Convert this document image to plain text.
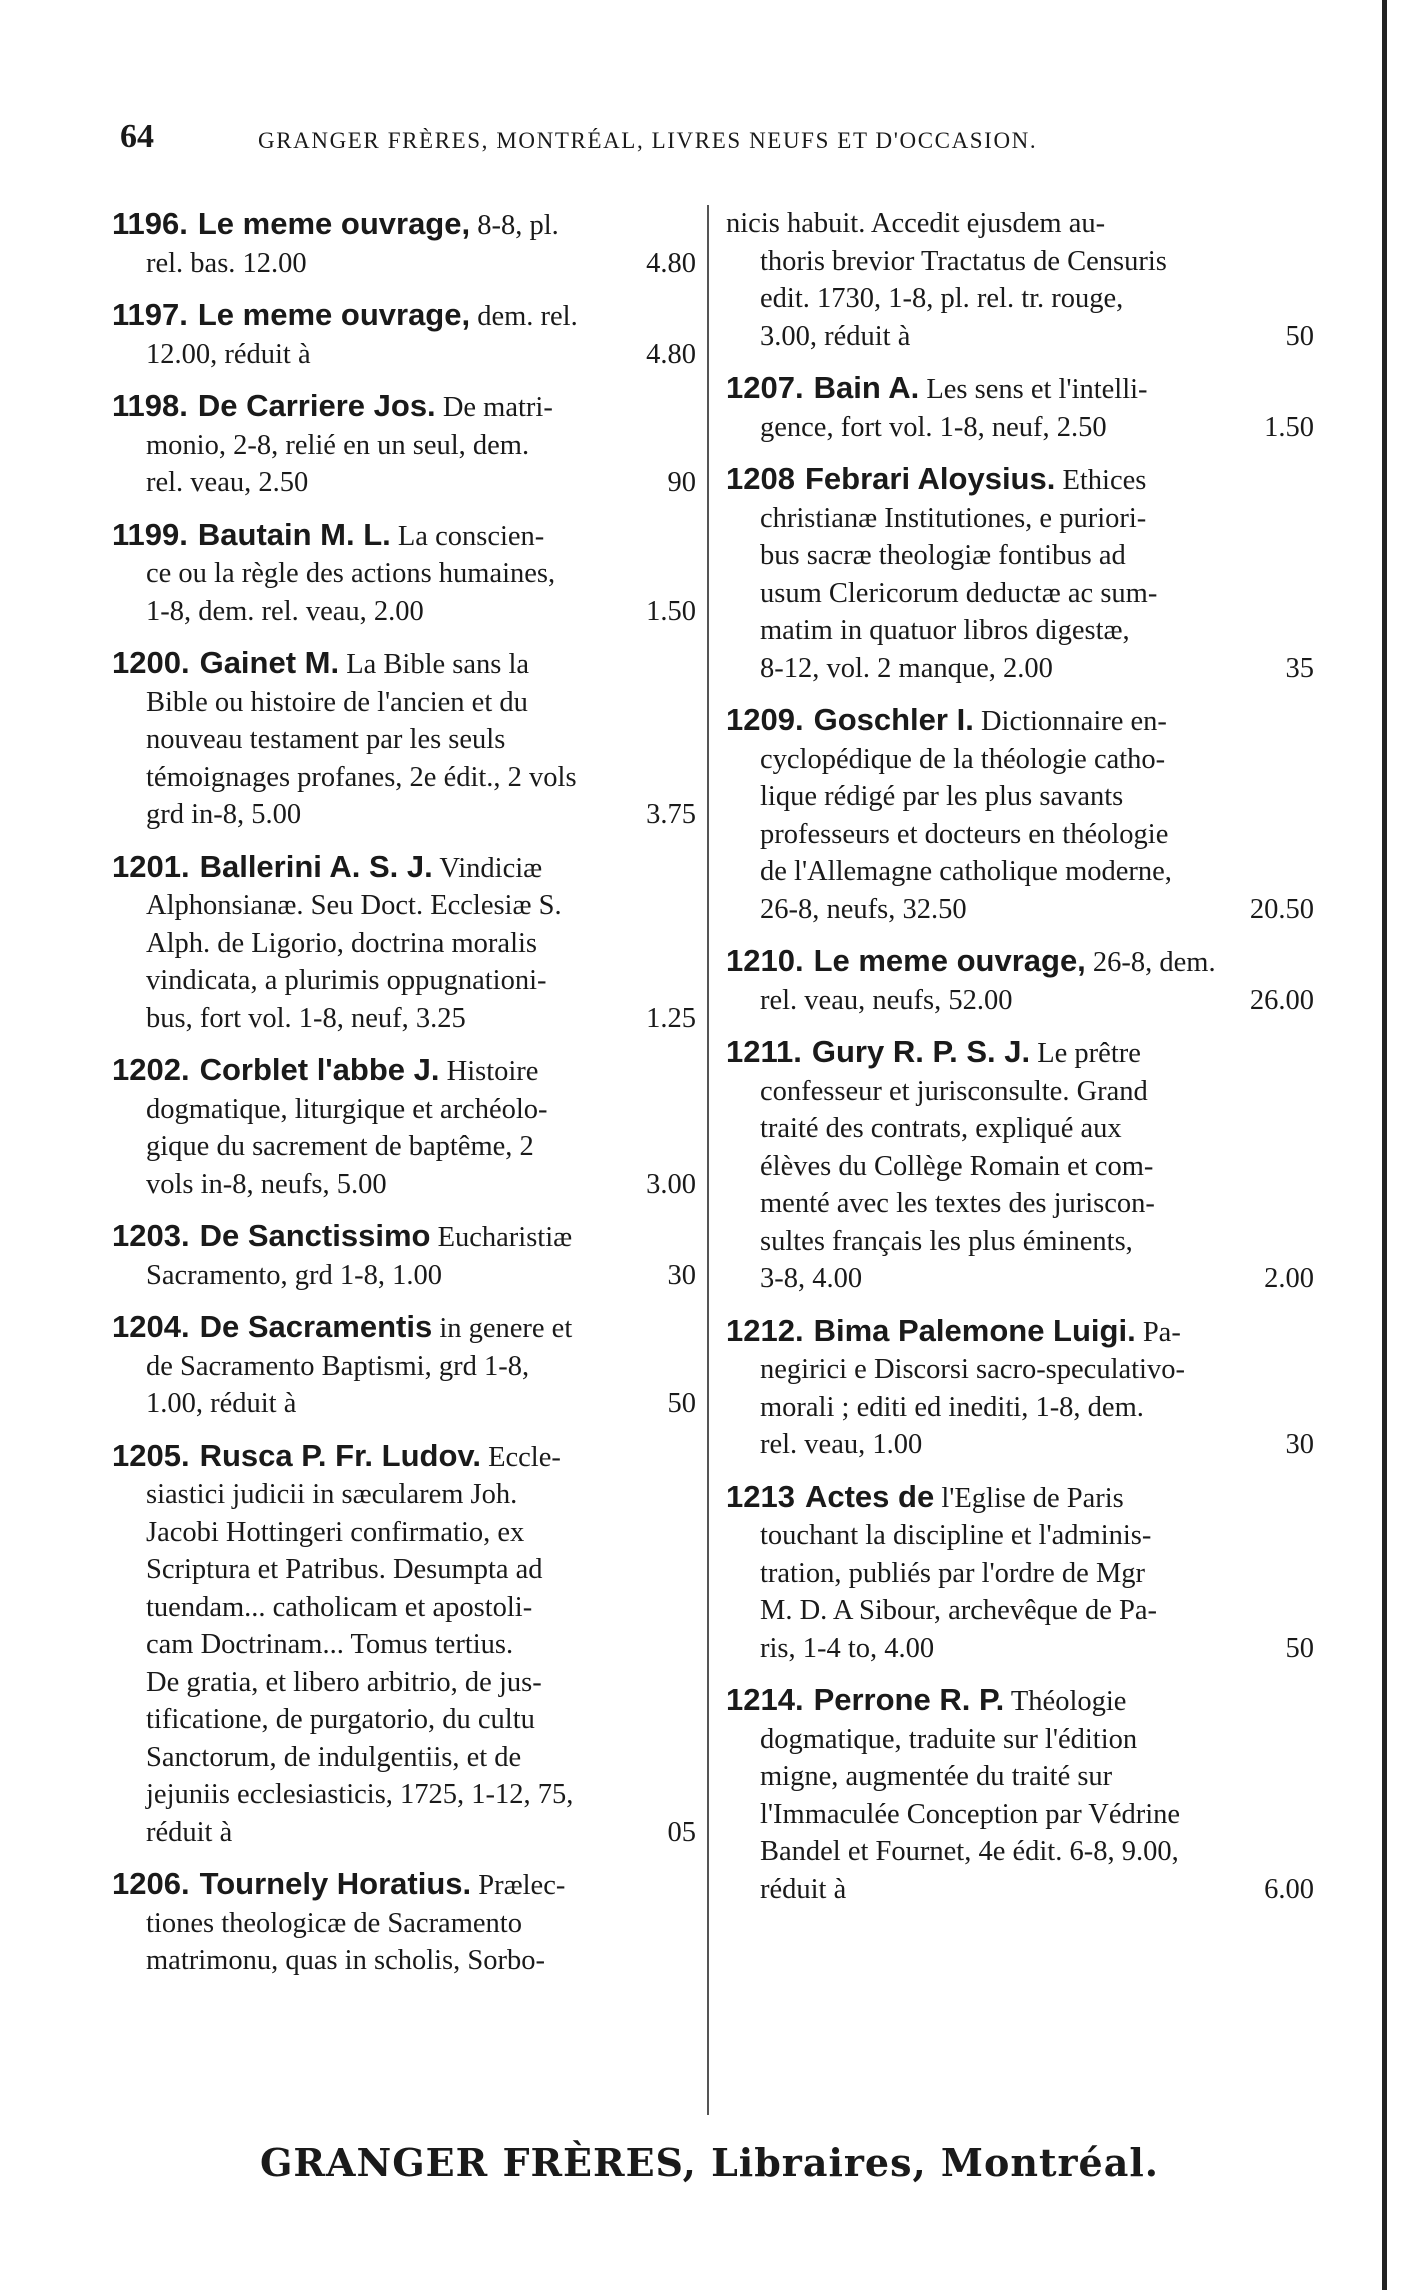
64	GRANGER FRÈRES, MONTRÉAL, LIVRES NEUFS ET D'OCCASION.
1196. Le meme ouvrage, 8-8, pl.
rel. bas. 12.00	4.80
1197. Le meme ouvrage, dem. rel.
12.00, réduit à	4.80
1198. De Carriere Jos. De matri-
monio, 2-8, relié en un seul, dem.
rel. veau, 2.50	90
1199. Bautain M. L. La conscien-
ce ou la règle des actions humaines,
1-8, dem. rel. veau, 2.00	1.50
1200. Gainet M. La Bible sans la
Bible ou histoire de l'ancien et du
nouveau testament par les seuls
témoignages profanes, 2e édit., 2 vols
grd in-8, 5.00	3.75
1201. Ballerini A. S. J. Vindiciæ
Alphonsianæ. Seu Doct. Ecclesiæ S.
Alph. de Ligorio, doctrina moralis
vindicata, a plurimis oppugnationi-
bus, fort vol. 1-8, neuf, 3.25	1.25
1202. Corblet l'abbe J. Histoire
dogmatique, liturgique et archéolo-
gique du sacrement de baptême, 2
vols in-8, neufs, 5.00	3.00
1203. De Sanctissimo Eucharistiæ
Sacramento, grd 1-8, 1.00	30
1204. De Sacramentis in genere et
de Sacramento Baptismi, grd 1-8,
1.00, réduit à	50
1205. Rusca P. Fr. Ludov. Eccle-
siastici judicii in sæcularem Joh.
Jacobi Hottingeri confirmatio, ex
Scriptura et Patribus. Desumpta ad
tuendam... catholicam et apostoli-
cam Doctrinam... Tomus tertius.
De gratia, et libero arbitrio, de jus-
tificatione, de purgatorio, du cultu
Sanctorum, de indulgentiis, et de
jejuniis ecclesiasticis, 1725, 1-12, 75,
réduit à	05
1206. Tournely Horatius. Prælec-
tiones theologicæ de Sacramento
matrimonu, quas in scholis, Sorbo-
nicis habuit. Accedit ejusdem au-
thoris brevior Tractatus de Censuris
edit. 1730, 1-8, pl. rel. tr. rouge,
3.00, réduit à	50
1207. Bain A. Les sens et l'intelli-
gence, fort vol. 1-8, neuf, 2.50	1.50
1208 Febrari Aloysius. Ethices
christianæ Institutiones, e puriori-
bus sacræ theologiæ fontibus ad
usum Clericorum deductæ ac sum-
matim in quatuor libros digestæ,
8-12, vol. 2 manque, 2.00	35
1209. Goschler I. Dictionnaire en-
cyclopédique de la théologie catho-
lique rédigé par les plus savants
professeurs et docteurs en théologie
de l'Allemagne catholique moderne,
26-8, neufs, 32.50	20.50
1210. Le meme ouvrage, 26-8, dem.
rel. veau, neufs, 52.00	26.00
1211. Gury R. P. S. J. Le prêtre
confesseur et jurisconsulte. Grand
traité des contrats, expliqué aux
élèves du Collège Romain et com-
menté avec les textes des juriscon-
sultes français les plus éminents,
3-8, 4.00	2.00
1212. Bima Palemone Luigi. Pa-
negirici e Discorsi sacro-speculativo-
morali ; editi ed inediti, 1-8, dem.
rel. veau, 1.00	30
1213 Actes de l'Eglise de Paris
touchant la discipline et l'adminis-
tration, publiés par l'ordre de Mgr
M. D. A Sibour, archevêque de Pa-
ris, 1-4 to, 4.00	50
1214. Perrone R. P. Théologie
dogmatique, traduite sur l'édition
migne, augmentée du traité sur
l'Immaculée Conception par Védrine
Bandel et Fournet, 4e édit. 6-8, 9.00,
réduit à	6.00
GRANGER FRÈRES, Libraires, Montréal.
